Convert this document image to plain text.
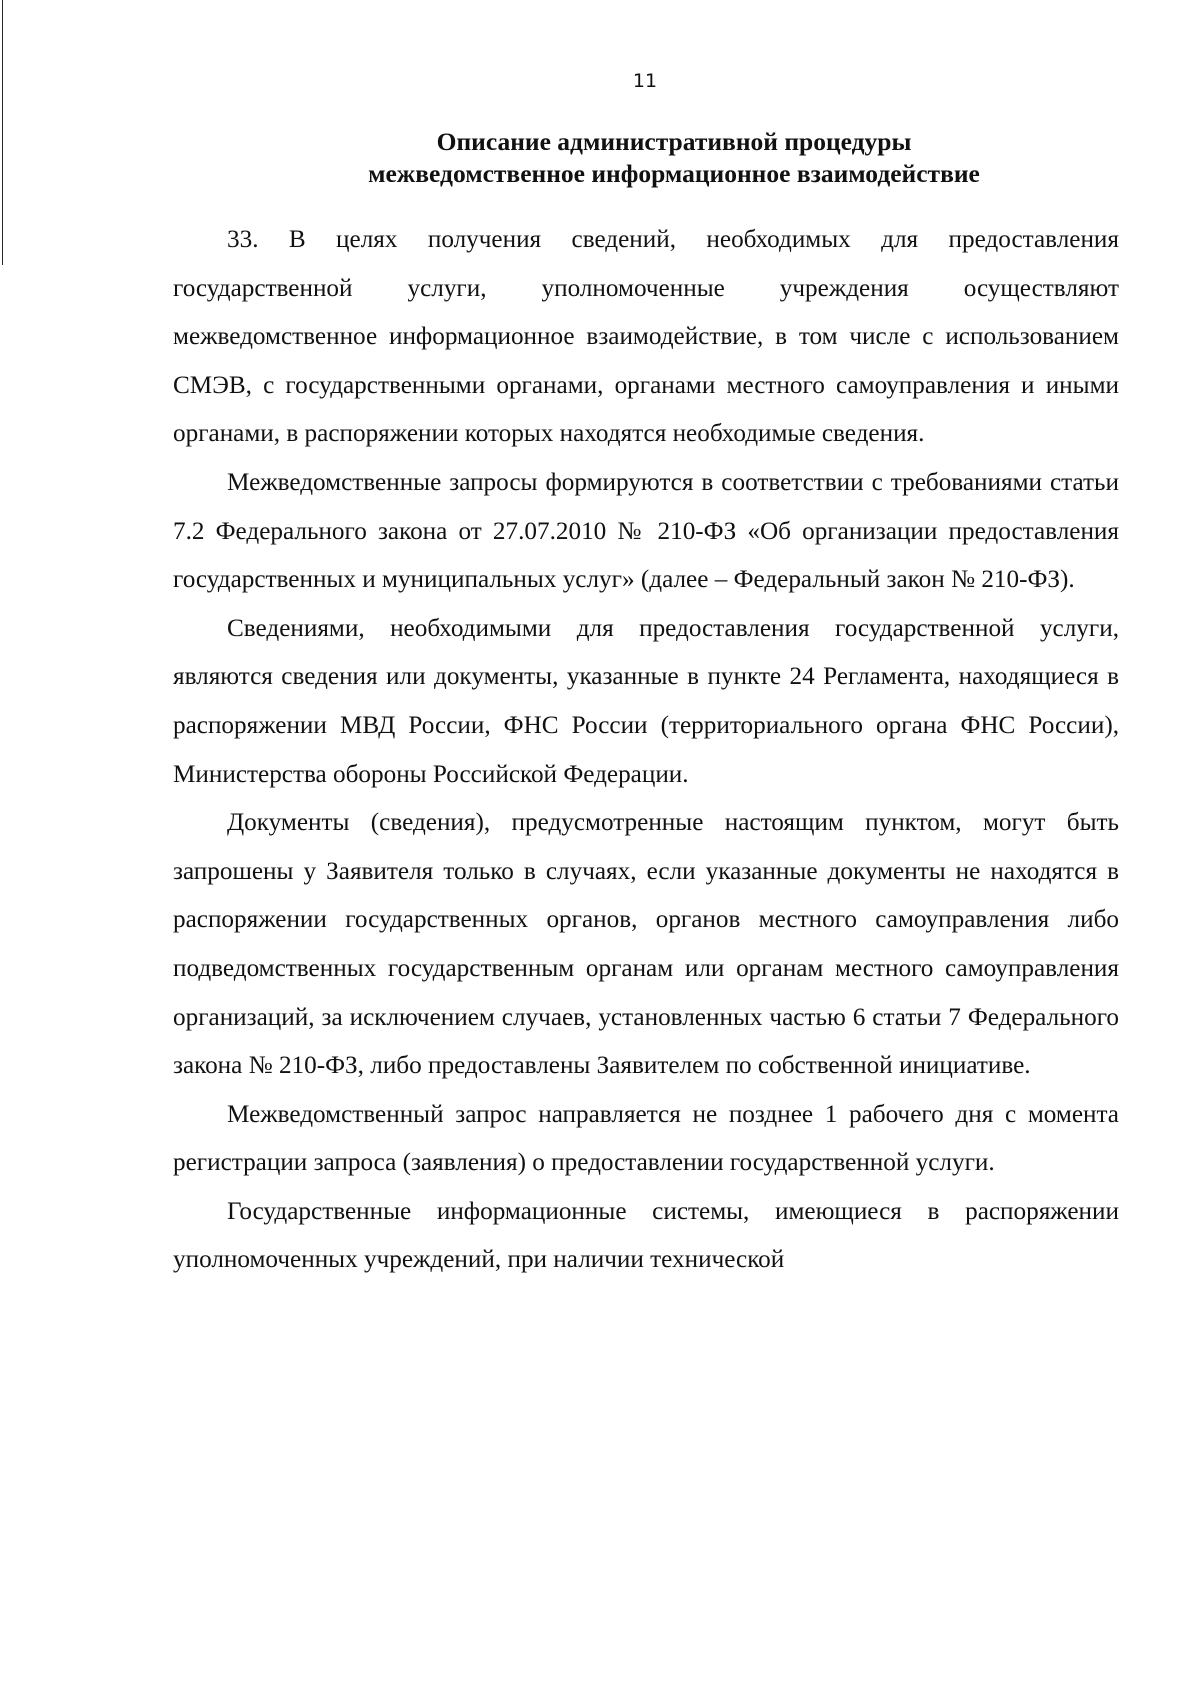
11
Описание административной процедуры
межведомственное информационное взаимодействие

33. В целях получения сведений, необходимых для предоставления государственной услуги, уполномоченные учреждения осуществляют межведомственное информационное взаимодействие, в том числе с использованием СМЭВ, с государственными органами, органами местного самоуправления и иными органами, в распоряжении которых находятся необходимые сведения.

Межведомственные запросы формируются в соответствии с требованиями статьи 7.2 Федерального закона от 27.07.2010 № 210-ФЗ «Об организации предоставления государственных и муниципальных услуг» (далее – Федеральный закон № 210-ФЗ).

Сведениями, необходимыми для предоставления государственной услуги, являются сведения или документы, указанные в пункте 24 Регламента, находящиеся в распоряжении МВД России, ФНС России (территориального органа ФНС России), Министерства обороны Российской Федерации.

Документы (сведения), предусмотренные настоящим пунктом, могут быть запрошены у Заявителя только в случаях, если указанные документы не находятся в распоряжении государственных органов, органов местного самоуправления либо подведомственных государственным органам или органам местного самоуправления организаций, за исключением случаев, установленных частью 6 статьи 7 Федерального закона № 210-ФЗ, либо предоставлены Заявителем по собственной инициативе.

Межведомственный запрос направляется не позднее 1 рабочего дня с момента регистрации запроса (заявления) о предоставлении государственной услуги.

Государственные информационные системы, имеющиеся в распоряжении уполномоченных учреждений, при наличии технической
